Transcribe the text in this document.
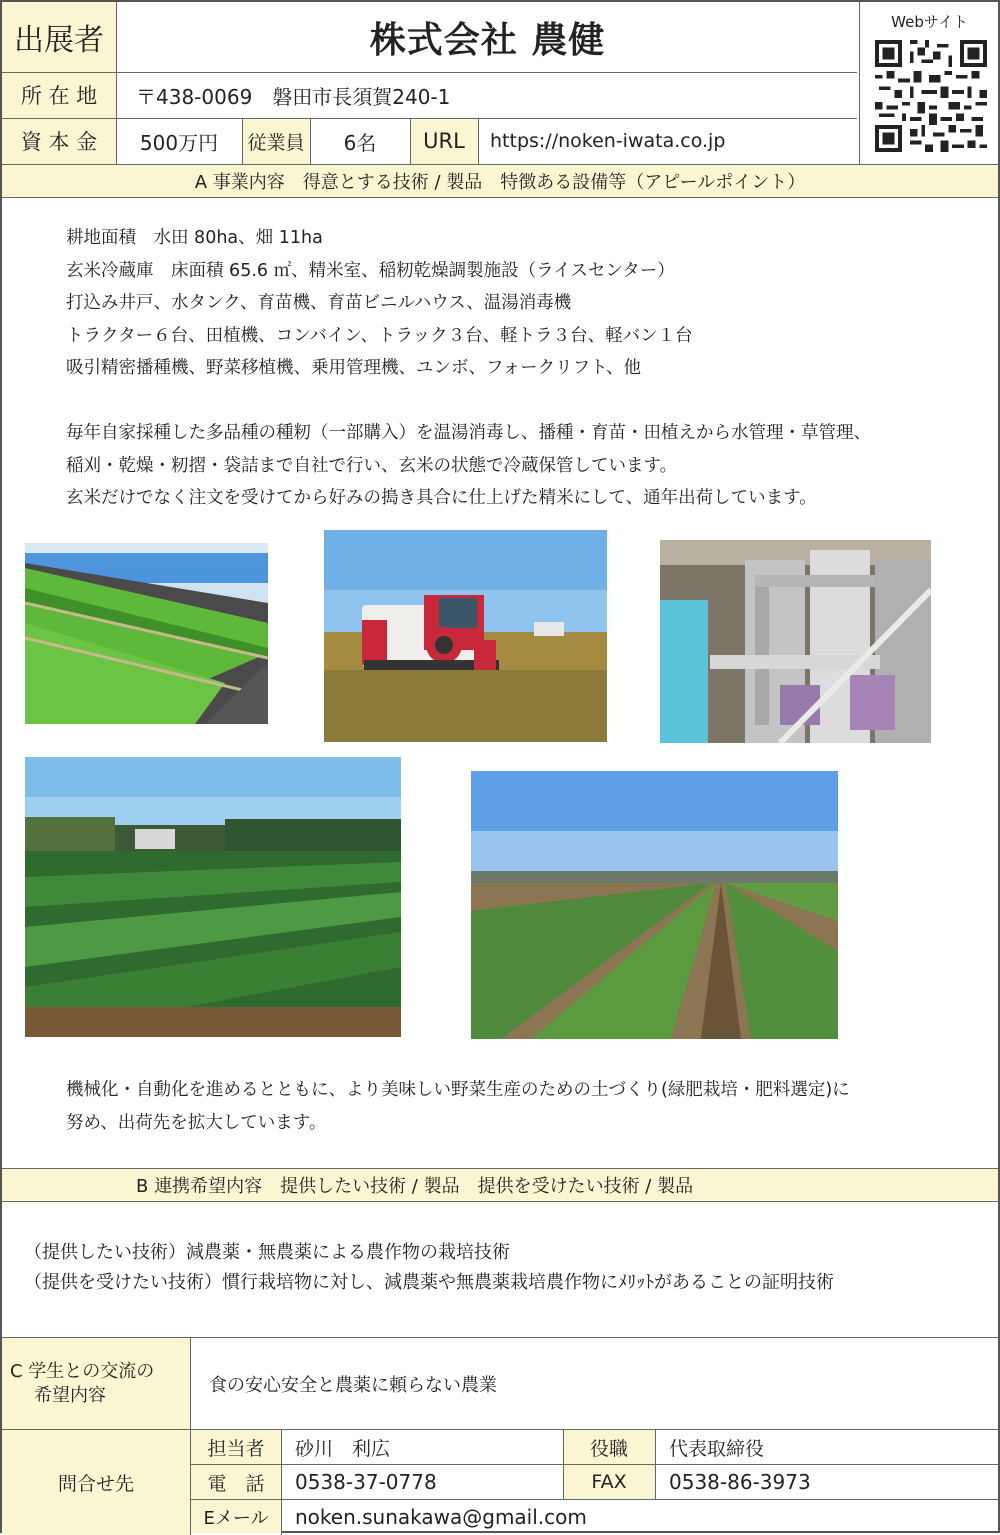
出展者	株式会社 農健
所 在 地 〒438-0069　磐田市長須賀240-1
資 本 金 500万円 従業員 6名 URL https://noken-iwata.co.jp
Webサイト
A 事業内容　得意とする技術 / 製品　特徴ある設備等（アピールポイント）
耕地面積　水田 80ha、畑 11ha
玄米冷蔵庫　床面積 65.6 ㎡、精米室、稲籾乾燥調製施設（ライスセンター）
打込み井戸、水タンク、育苗機、育苗ビニルハウス、温湯消毒機
トラクター６台、田植機、コンバイン、トラック３台、軽トラ３台、軽バン１台
吸引精密播種機、野菜移植機、乗用管理機、ユンボ、フォークリフト、他
毎年自家採種した多品種の種籾（一部購入）を温湯消毒し、播種・育苗・田植えから水管理・草管理、
稲刈・乾燥・籾摺・袋詰まで自社で行い、玄米の状態で冷蔵保管しています。
玄米だけでなく注文を受けてから好みの搗き具合に仕上げた精米にして、通年出荷しています。
機械化・自動化を進めるとともに、より美味しい野菜生産のための土づくり(緑肥栽培・肥料選定)に
努め、出荷先を拡大しています。
B 連携希望内容　提供したい技術 / 製品　提供を受けたい技術 / 製品
（提供したい技術）減農薬・無農薬による農作物の栽培技術
（提供を受けたい技術）慣行栽培物に対し、減農薬や無農薬栽培農作物にﾒﾘｯﾄがあることの証明技術
C 学生との交流の
希望内容	食の安心安全と農薬に頼らない農業
問合せ先
担当者 砂川　利広	役職 代表取締役
電　話 0538-37-0778	FAX 0538-86-3973
Eメール noken.sunakawa@gmail.com
